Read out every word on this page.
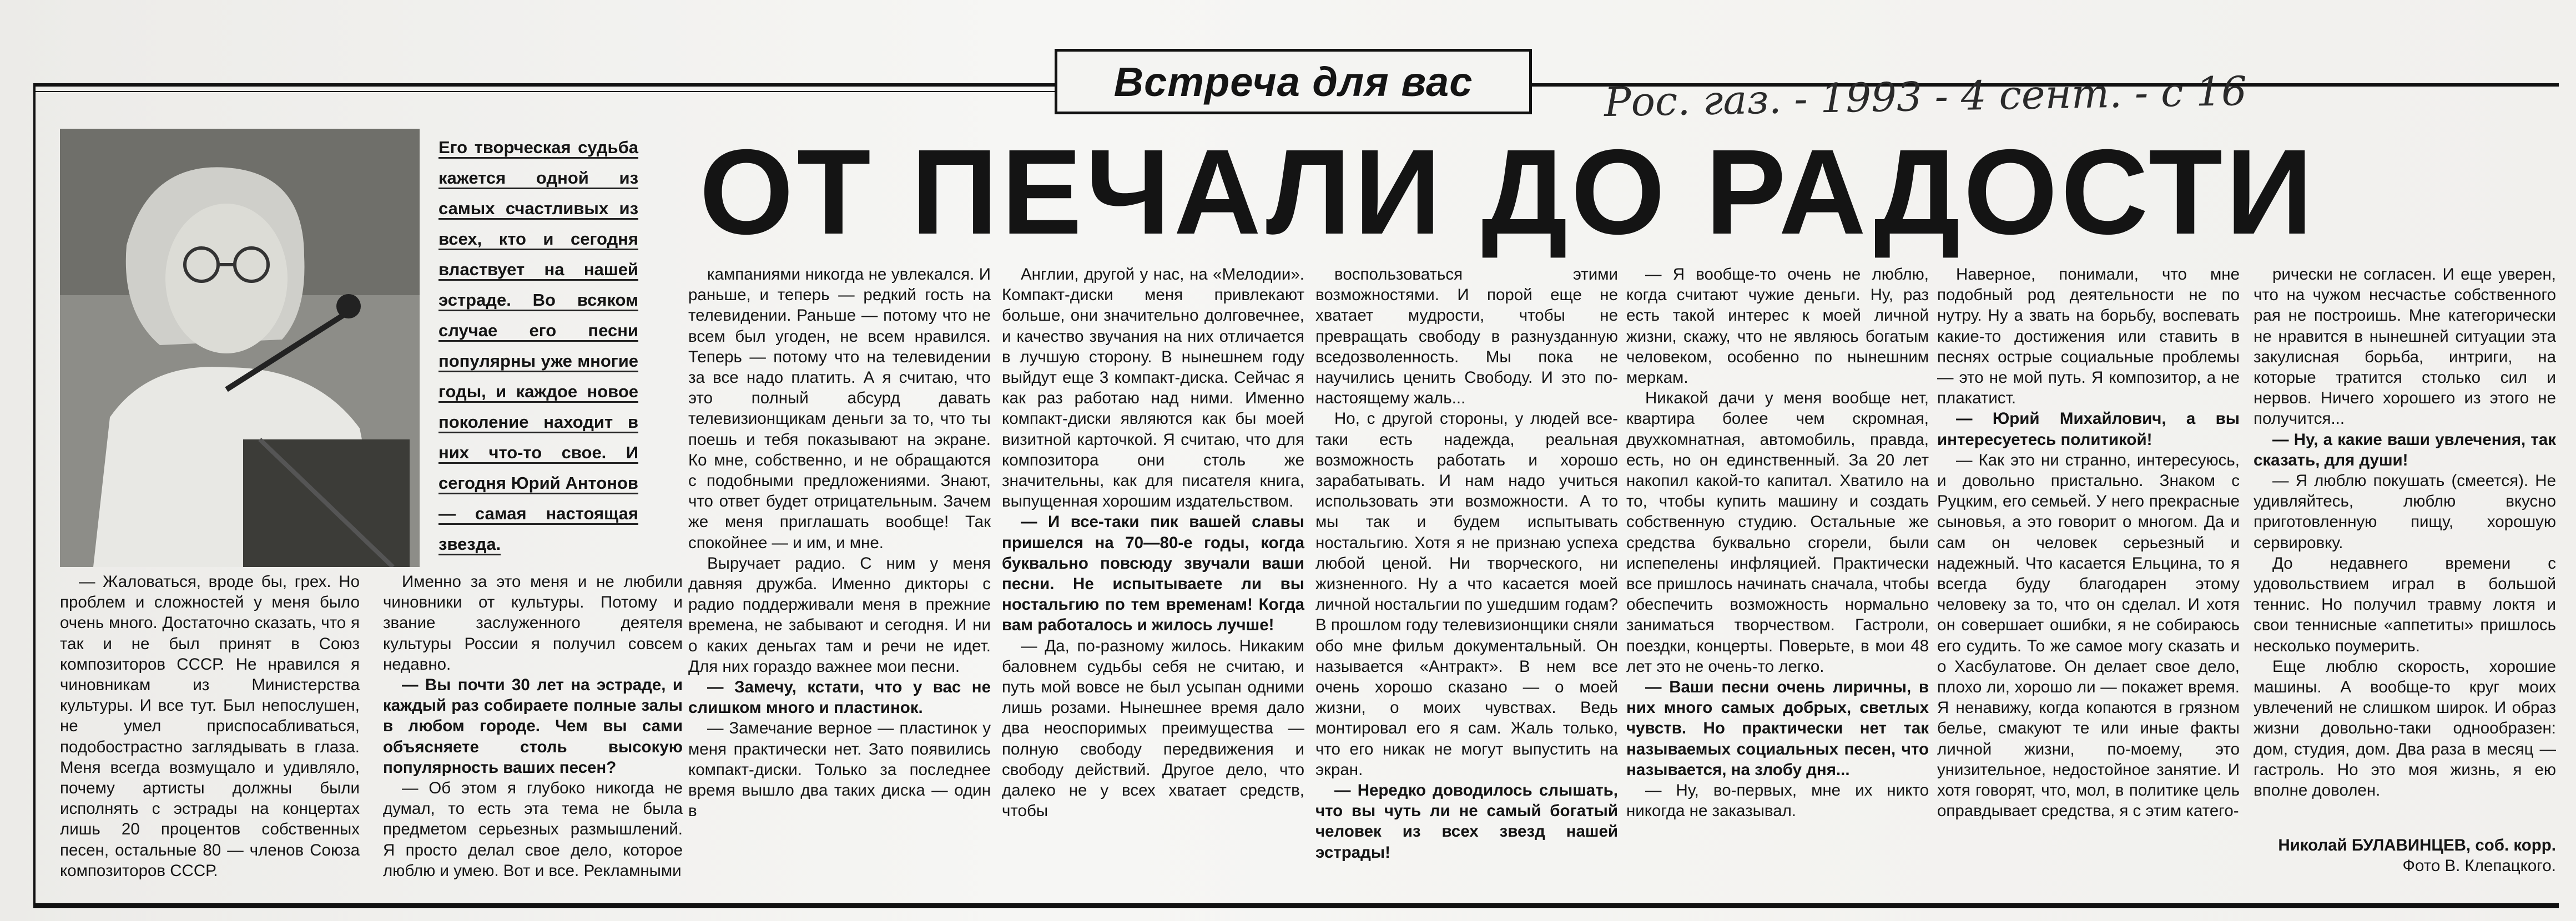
Встреча для вас	Рос. газ. - 1993 - 4 сент. - с 16
ОТ ПЕЧАЛИ ДО РАДОСТИ

Его творческая судьба кажется одной из самых счастливых из всех, кто и сегодня властвует на нашей эстраде. Во всяком случае его песни популярны уже многие годы, и каждое новое поколение находит в них что-то свое. И сегодня Юрий Антонов — самая настоящая звезда.

— Жаловаться, вроде бы, грех. Но проблем и сложностей у меня было очень много. Достаточно сказать, что я так и не был принят в Союз композиторов СССР. Не нравился я чиновникам из Министерства культуры. И все тут. Был непослушен, не умел приспосабливаться, подобострастно заглядывать в глаза. Меня всегда возмущало и удивляло, почему артисты должны были исполнять с эстрады на концертах лишь 20 процентов собственных песен, остальные 80 — членов Союза композиторов СССР.

Именно за это меня и не любили чиновники от культуры. Потому и звание заслуженного деятеля культуры России я получил совсем недавно.

— Вы почти 30 лет на эстраде, и каждый раз собираете полные залы в любом городе. Чем вы сами объясняете столь высокую популярность ваших песен?

— Об этом я глубоко никогда не думал, то есть эта тема не была предметом серьезных размышлений. Я просто делал свое дело, которое люблю и умею. Вот и все. Рекламными

кампаниями никогда не увлекался. И раньше, и теперь — редкий гость на телевидении. Раньше — потому что не всем был угоден, не всем нравился. Теперь — потому что на телевидении за все надо платить. А я считаю, что это полный абсурд давать телевизионщикам деньги за то, что ты поешь и тебя показывают на экране. Ко мне, собственно, и не обращаются с подобными предложениями. Знают, что ответ будет отрицательным. Зачем же меня приглашать вообще! Так спокойнее — и им, и мне.

Выручает радио. С ним у меня давняя дружба. Именно дикторы с радио поддерживали меня в прежние времена, не забывают и сегодня. И ни о каких деньгах там и речи не идет. Для них гораздо важнее мои песни.

— Замечу, кстати, что у вас не слишком много и пластинок.

— Замечание верное — пластинок у меня практически нет. Зато появились компакт-диски. Только за последнее время вышло два таких диска — один в

Англии, другой у нас, на «Мелодии». Компакт-диски меня привлекают больше, они значительно долговечнее, и качество звучания на них отличается в лучшую сторону. В нынешнем году выйдут еще 3 компакт-диска. Сейчас я как раз работаю над ними. Именно компакт-диски являются как бы моей визитной карточкой. Я считаю, что для композитора они столь же значительны, как для писателя книга, выпущенная хорошим издательством.

— И все-таки пик вашей славы пришелся на 70—80-е годы, когда буквально повсюду звучали ваши песни. Не испытываете ли вы ностальгию по тем временам! Когда вам работалось и жилось лучше!

— Да, по-разному жилось. Никаким баловнем судьбы себя не считаю, и путь мой вовсе не был усыпан одними лишь розами. Нынешнее время дало два неоспоримых преимущества — полную свободу передвижения и свободу действий. Другое дело, что далеко не у всех хватает средств, чтобы

воспользоваться этими возможностями. И порой еще не хватает мудрости, чтобы не превращать свободу в разнузданную вседозволенность. Мы пока не научились ценить Свободу. И это по-настоящему жаль...

Но, с другой стороны, у людей все-таки есть надежда, реальная возможность работать и хорошо зарабатывать. И нам надо учиться использовать эти возможности. А то мы так и будем испытывать ностальгию. Хотя я не признаю успеха любой ценой. Ни творческого, ни жизненного. Ну а что касается моей личной ностальгии по ушедшим годам? В прошлом году телевизионщики сняли обо мне фильм документальный. Он называется «Антракт». В нем все очень хорошо сказано — о моей жизни, о моих чувствах. Ведь монтировал его я сам. Жаль только, что его никак не могут выпустить на экран.

— Нередко доводилось слышать, что вы чуть ли не самый богатый человек из всех звезд нашей эстрады!

— Я вообще-то очень не люблю, когда считают чужие деньги. Ну, раз есть такой интерес к моей личной жизни, скажу, что не являюсь богатым человеком, особенно по нынешним меркам.

Никакой дачи у меня вообще нет, квартира более чем скромная, двухкомнатная, автомобиль, правда, есть, но он единственный. За 20 лет накопил какой-то капитал. Хватило на то, чтобы купить машину и создать собственную студию. Остальные же средства буквально сгорели, были испепелены инфляцией. Практически все пришлось начинать сначала, чтобы обеспечить возможность нормально заниматься творчеством. Гастроли, поездки, концерты. Поверьте, в мои 48 лет это не очень-то легко.

— Ваши песни очень лиричны, в них много самых добрых, светлых чувств. Но практически нет так называемых социальных песен, что называется, на злобу дня...

— Ну, во-первых, мне их никто никогда не заказывал.

Наверное, понимали, что мне подобный род деятельности не по нутру. Ну а звать на борьбу, воспевать какие-то достижения или ставить в песнях острые социальные проблемы — это не мой путь. Я композитор, а не плакатист.

— Юрий Михайлович, а вы интересуетесь политикой!

— Как это ни странно, интересуюсь, и довольно пристально. Знаком с Руцким, его семьей. У него прекрасные сыновья, а это говорит о многом. Да и сам он человек серьезный и надежный. Что касается Ельцина, то я всегда буду благодарен этому человеку за то, что он сделал. И хотя он совершает ошибки, я не собираюсь его судить. То же самое могу сказать и о Хасбулатове. Он делает свое дело, плохо ли, хорошо ли — покажет время. Я ненавижу, когда копаются в грязном белье, смакуют те или иные факты личной жизни, по-моему, это унизительное, недостойное занятие. И хотя говорят, что, мол, в политике цель оправдывает средства, я с этим катего-

рически не согласен. И еще уверен, что на чужом несчастье собственного рая не построишь. Мне категорически не нравится в нынешней ситуации эта закулисная борьба, интриги, на которые тратится столько сил и нервов. Ничего хорошего из этого не получится...

— Ну, а какие ваши увлечения, так сказать, для души!

— Я люблю покушать (смеется). Не удивляйтесь, люблю вкусно приготовленную пищу, хорошую сервировку.

До недавнего времени с удовольствием играл в большой теннис. Но получил травму локтя и свои теннисные «аппетиты» пришлось несколько поумерить.

Еще люблю скорость, хорошие машины. А вообще-то круг моих увлечений не слишком широк. И образ жизни довольно-таки однообразен: дом, студия, дом. Два раза в месяц — гастроль. Но это моя жизнь, я ею вполне доволен.

Николай БУЛАВИНЦЕВ, соб. корр.

Фото В. Клепацкого.
